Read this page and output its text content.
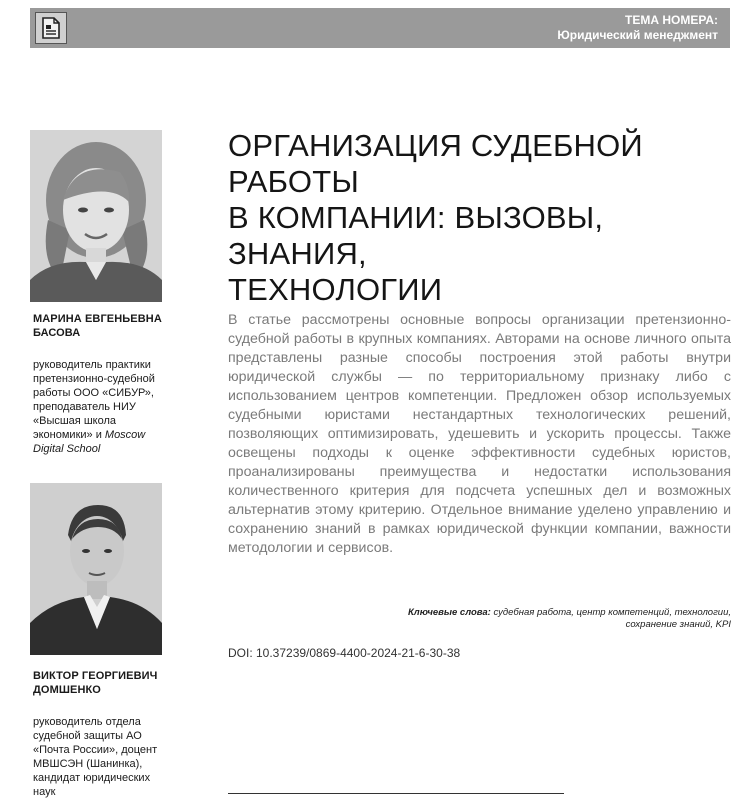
ТЕМА НОМЕРА:
Юридический менеджмент
МАРИНА ЕВГЕНЬЕВНА
БАСОВА
руководитель практики
претензионно-судебной
работы ООО «СИБУР»,
преподаватель НИУ
«Высшая школа
экономики» и Moscow
Digital School
ВИКТОР ГЕОРГИЕВИЧ
ДОМШЕНКО
руководитель отдела
судебной защиты АО
«Почта России», доцент
МВШСЭН (Шанинка),
кандидат юридических
наук
ОРГАНИЗАЦИЯ СУДЕБНОЙ РАБОТЫ
В КОМПАНИИ: ВЫЗОВЫ, ЗНАНИЯ,
ТЕХНОЛОГИИ
В статье рассмотрены основные вопросы организации претензионно-судебной работы в крупных компаниях. Авторами на основе личного опыта представлены разные способы построения этой работы внутри юридической службы — по территориальному признаку либо с использованием центров компетенции. Предложен обзор используемых судебными юристами нестандартных технологических решений, позволяющих оптимизировать, удешевить и ускорить процессы. Также освещены подходы к оценке эффективности судебных юристов, проанализированы преимущества и недостатки использования количественного критерия для подсчета успешных дел и возможных альтернатив этому критерию. Отдельное внимание уделено управлению и сохранению знаний в рамках юридической функции компании, важности методологии и сервисов.
Ключевые слова: судебная работа, центр компетенций, технологии,
сохранение знаний, KPI
DOI: 10.37239/0869-4400-2024-21-6-30-38
